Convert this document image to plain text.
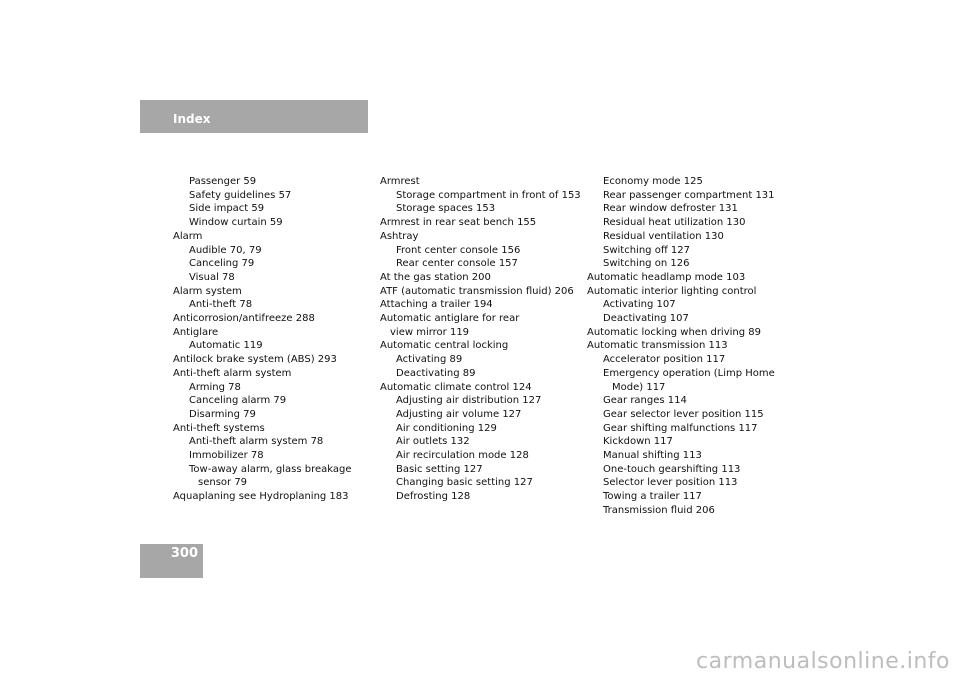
Index
Passenger 59
Safety guidelines 57
Side impact 59
Window curtain 59
Alarm
Audible 70, 79
Canceling 79
Visual 78
Alarm system
Anti-theft 78
Anticorrosion/antifreeze 288
Antiglare
Automatic 119
Antilock brake system (ABS) 293
Anti-theft alarm system
Arming 78
Canceling alarm 79
Disarming 79
Anti-theft systems
Anti-theft alarm system 78
Immobilizer 78
Tow-away alarm, glass breakage
sensor 79
Aquaplaning see Hydroplaning 183
Armrest
Storage compartment in front of 153
Storage spaces 153
Armrest in rear seat bench 155
Ashtray
Front center console 156
Rear center console 157
At the gas station 200
ATF (automatic transmission fluid) 206
Attaching a trailer 194
Automatic antiglare for rear
view mirror 119
Automatic central locking
Activating 89
Deactivating 89
Automatic climate control 124
Adjusting air distribution 127
Adjusting air volume 127
Air conditioning 129
Air outlets 132
Air recirculation mode 128
Basic setting 127
Changing basic setting 127
Defrosting 128
Economy mode 125
Rear passenger compartment 131
Rear window defroster 131
Residual heat utilization 130
Residual ventilation 130
Switching off 127
Switching on 126
Automatic headlamp mode 103
Automatic interior lighting control
Activating 107
Deactivating 107
Automatic locking when driving 89
Automatic transmission 113
Accelerator position 117
Emergency operation (Limp Home
Mode) 117
Gear ranges 114
Gear selector lever position 115
Gear shifting malfunctions 117
Kickdown 117
Manual shifting 113
One-touch gearshifting 113
Selector lever position 113
Towing a trailer 117
Transmission fluid 206
300
carmanualsonline.info
